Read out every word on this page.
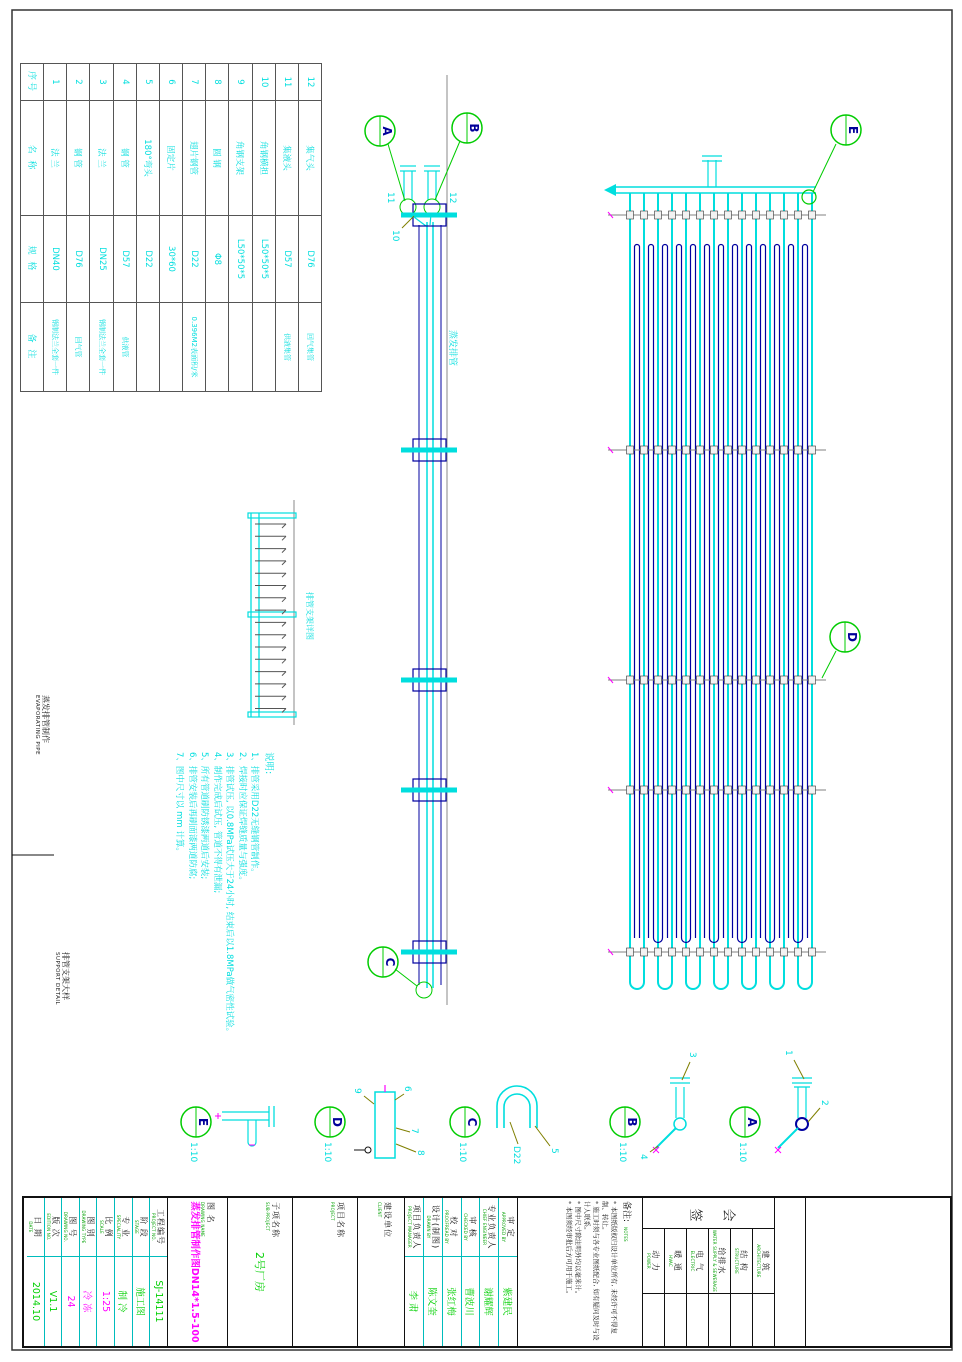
E
D
A	B
C
10
11	12
蒸发排管
排管支架详图
1
2
A
1:10
3
4
B
1:10
5
D22
C
1:10
6
7
8
9
D
1:10
E
1:10
12
集气头
D76
回气集管
11
集液头
D57
供液集管
10
角钢横担
L50*50*5
9
角钢支架
L50*50*5
8
圆 钢
Φ8
7
翅片钢管
D22
0.396M2表面积/米
6
固定片
30*60
5
180°弯头
D22
4
钢 管
D57
供液管
3
法 兰
DN25
钢制法兰全套一件
2
钢 管
D76
回气管
1
法 兰
DN40
钢制法兰全套一件
序号
名 称
规 格
备 注
说明:
1、排管采用D22无缝钢管制作。
2、焊接时应保证焊缝质量与强度。
3、排管试压, 以0.8MPa试压大于24小时, 结束后以1.8MPa做气密性试验。
4、制作完成后试压, 管道不得有泄漏;
5、所有管道刷防锈漆两道后安装;
6、排管安装后再刷面漆两道防腐;
7、图中尺寸以 mm 计算。
蒸发排管制作
EVAPORATING PIPE
排管支架大样
SUPPORT DETAIL
会 签
建 筑
ARCHITECTURE
结 构
STRUCTURE
给排水
WATER SUPPLY & SEWERAGE
电 气
ELECTRIC
暖 通
HVAC
动 力
POWER
备注: NOTES
* 本图纸版权归设计单位所有, 未经许可不得复制、转让。
* 施工时须与各专业图纸配合, 如有疑问及时与设计人联系。
* 图中尺寸除注明外均以毫米计。
* 本图须经审批后方可用于施工。
审 定
APPROVED BY
紫建民
专业负责人
CHIEF ENGINEER
谢耀辉
审 核
CHECKED BY
曹波川
校 对
PROOFREAD BY
张红梅
设计(制图)
DRAWN BY
陈文奎
项目负责人
PROJECT MANAGER
李 肃
建设单位
CLIENT
项目名称
PROJECT
子项名称
SUB-PROJECT
2号厂房
图 名
DRAWING NAME
蒸发排管制作图DN14*1.5-100
工程编号
PROJECT NO.
SJ-14111
阶 段
STAGE
施工图
专 业
SPECIALITY
制 冷
比 例
SCALE
1:25
图 别
DRAWING TYPE
冷 冻
图 号
DRAWING NO.
24
版 次
EDITION NO.
V1.1
日 期
DATE
2014.10
